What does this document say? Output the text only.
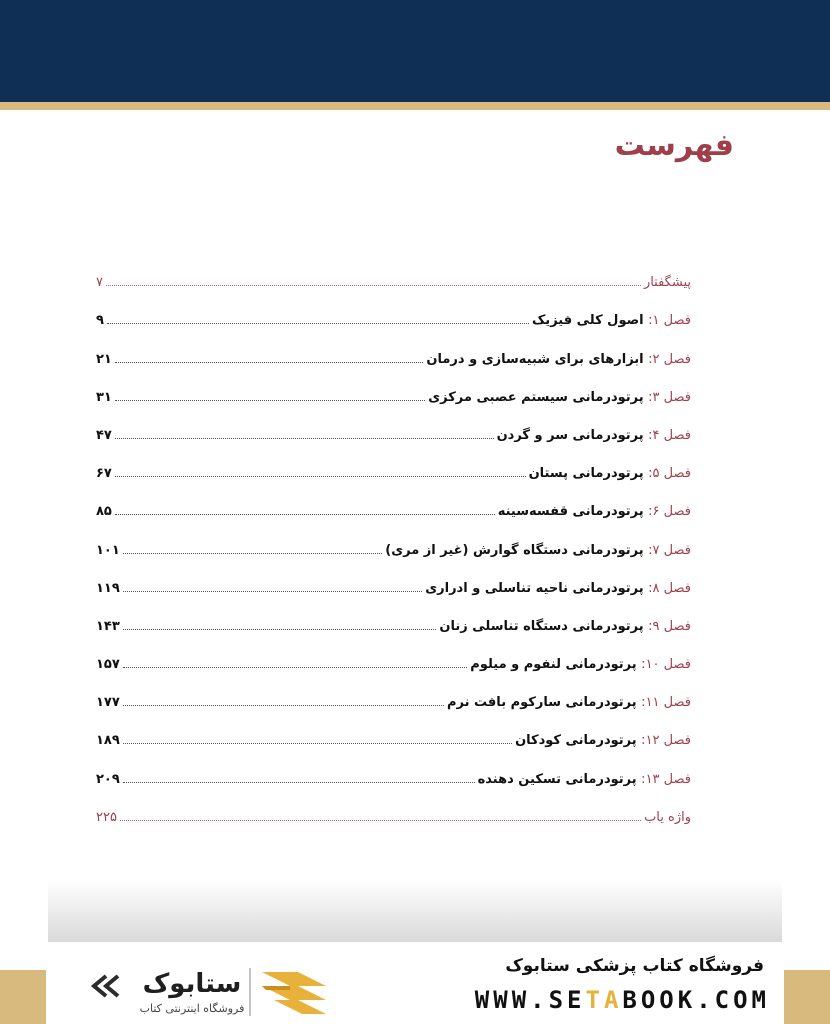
فهرست
پیشگفتار
۷
فصل ۱: اصول کلی فیزیک
۹
فصل ۲: ابزارهای برای شبیه‌سازی و درمان
۲۱
فصل ۳: پرتودرمانی سیستم عصبی مرکزی
۳۱
فصل ۴: پرتودرمانی سر و گردن
۴۷
فصل ۵: پرتودرمانی پستان
۶۷
فصل ۶: پرتودرمانی قفسه‌سینه
۸۵
فصل ۷: پرتودرمانی دستگاه گوارش (غیر از مری)
۱۰۱
فصل ۸: پرتودرمانی ناحیه تناسلی و ادراری
۱۱۹
فصل ۹: پرتودرمانی دستگاه تناسلی زنان
۱۴۳
فصل ۱۰: پرتودرمانی لنفوم و میلوم
۱۵۷
فصل ۱۱: پرتودرمانی سارکوم بافت نرم
۱۷۷
فصل ۱۲: پرتودرمانی کودکان
۱۸۹
فصل ۱۳: پرتودرمانی تسکین دهنده
۲۰۹
واژه یاب
۲۲۵
فروشگاه کتاب پزشکی ستابوک
WWW.SETABOOK.COM
ستابوک
فروشگاه اینترنتی کتاب
